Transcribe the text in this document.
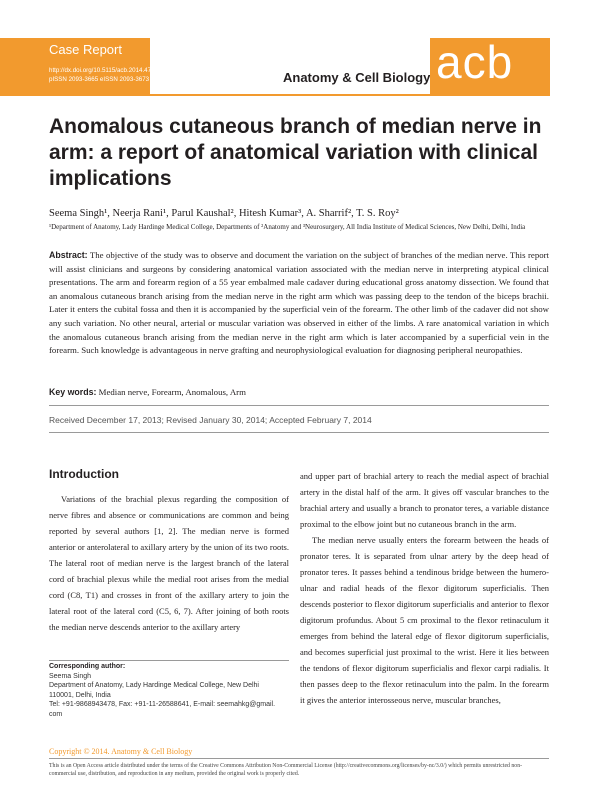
Case Report
http://dx.doi.org/10.5115/acb.2014.47.2.138
pISSN 2093-3665 eISSN 2093-3673	Anatomy & Cell Biology acb
Anomalous cutaneous branch of median nerve in arm: a report of anatomical variation with clinical implications
Seema Singh¹, Neerja Rani¹, Parul Kaushal², Hitesh Kumar³, A. Sharrif², T. S. Roy²
¹Department of Anatomy, Lady Hardinge Medical College, Departments of ²Anatomy and ³Neurosurgery, All India Institute of Medical Sciences, New Delhi, Delhi, India
Abstract: The objective of the study was to observe and document the variation on the subject of branches of the median nerve. This report will assist clinicians and surgeons by considering anatomical variation associated with the median nerve in interpreting atypical clinical presentations. The arm and forearm region of a 55 year embalmed male cadaver during educational gross anatomy dissection. We found that an anomalous cutaneous branch arising from the median nerve in the right arm which was passing deep to the tendon of the biceps brachii. Later it enters the cubital fossa and then it is accompanied by the superficial vein of the forearm. The other limb of the cadaver did not show any such variation. No other neural, arterial or muscular variation was observed in either of the limbs. A rare anatomical variation in which the anomalous cutaneous branch arising from the median nerve in the right arm which is later accompanied by a superficial vein in the forearm. Such knowledge is advantageous in nerve grafting and neurophysiological evaluation for diagnosing peripheral neuropathies.
Key words: Median nerve, Forearm, Anomalous, Arm
Received December 17, 2013; Revised January 30, 2014; Accepted February 7, 2014
Introduction

Variations of the brachial plexus regarding the composition of nerve fibres and absence or communications are common and being reported by several authors [1, 2]. The median nerve is formed anterior or anterolateral to axillary artery by the union of its two roots. The lateral root of median nerve is the largest branch of the lateral cord of brachial plexus while the medial root arises from the medial cord (C8, T1) and crosses in front of the axillary artery to join the lateral root of the lateral cord (C5, 6, 7). After joining of both roots the median nerve descends anterior to the axillary artery

and upper part of brachial artery to reach the medial aspect of brachial artery in the distal half of the arm. It gives off vascular branches to the brachial artery and usually a branch to pronator teres, a variable distance proximal to the elbow joint but no cutaneous branch in the arm.

The median nerve usually enters the forearm between the heads of pronator teres. It is separated from ulnar artery by the deep head of pronator teres. It passes behind a tendinous bridge between the humero-ulnar and radial heads of the flexor digitorum superficialis. Then descends posterior to flexor digitorum superficialis and anterior to flexor digitorum profundus. About 5 cm proximal to the flexor retinaculum it emerges from behind the lateral edge of flexor digitorum superficialis, and becomes superficial just proximal to the wrist. Here it lies between the tendons of flexor digitorum superficialis and flexor carpi radialis. It then passes deep to the flexor retinaculum into the palm. In the forearm it gives the anterior interosseous nerve, muscular branches,

Corresponding author:
Seema Singh
Department of Anatomy, Lady Hardinge Medical College, New Delhi
110001, Delhi, India
Tel: +91-9868943478, Fax: +91-11-26588641, E-mail: seemahkg@gmail.
com
Copyright © 2014. Anatomy & Cell Biology
This is an Open Access article distributed under the terms of the Creative Commons Attribution Non-Commercial License (http://creativecommons.org/licenses/by-nc/3.0/) which permits unrestricted non-commercial use, distribution, and reproduction in any medium, provided the original work is properly cited.
